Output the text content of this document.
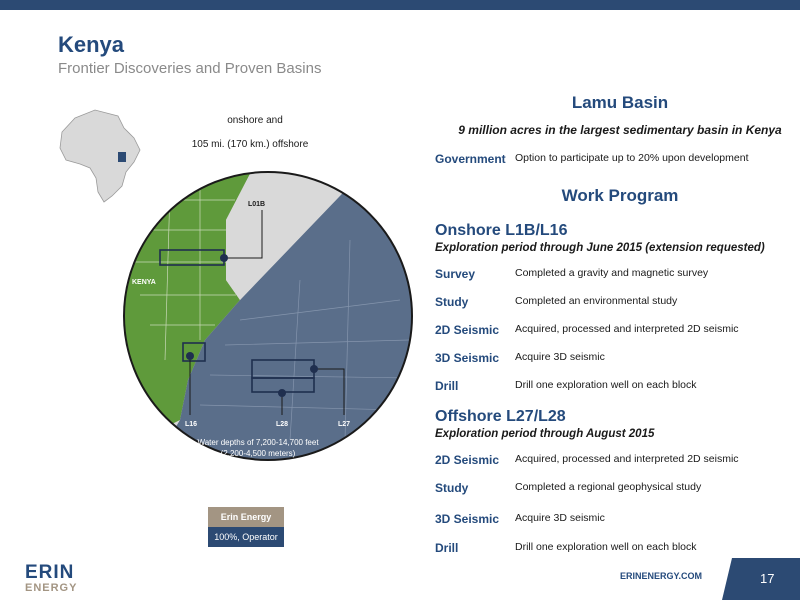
Kenya
Frontier Discoveries and Proven Basins
L01B
KENYA
L16	L28	L27
Water depths of 7,200-14,700 feet
(2,200-4,500 meters)
onshore and
105 mi. (170 km.) offshore
Erin Energy
100%, Operator
Lamu Basin
9 million acres in the largest sedimentary basin in Kenya
Government Option to participate up to 20% upon development
Work Program
Onshore L1B/L16
Exploration period through June 2015 (extension requested)
Survey	Completed a gravity and magnetic survey
Study	Completed an environmental study
2D Seismic Acquired, processed and interpreted 2D seismic
3D Seismic Acquire 3D seismic
Drill	Drill one exploration well on each block
Offshore L27/L28
Exploration period through August 2015
2D Seismic Acquired, processed and interpreted 2D seismic
Study	Completed a regional geophysical study
3D Seismic Acquire 3D seismic
Drill	Drill one exploration well on each block
ERIN
ENERGY
ERINENERGY.COM	17
